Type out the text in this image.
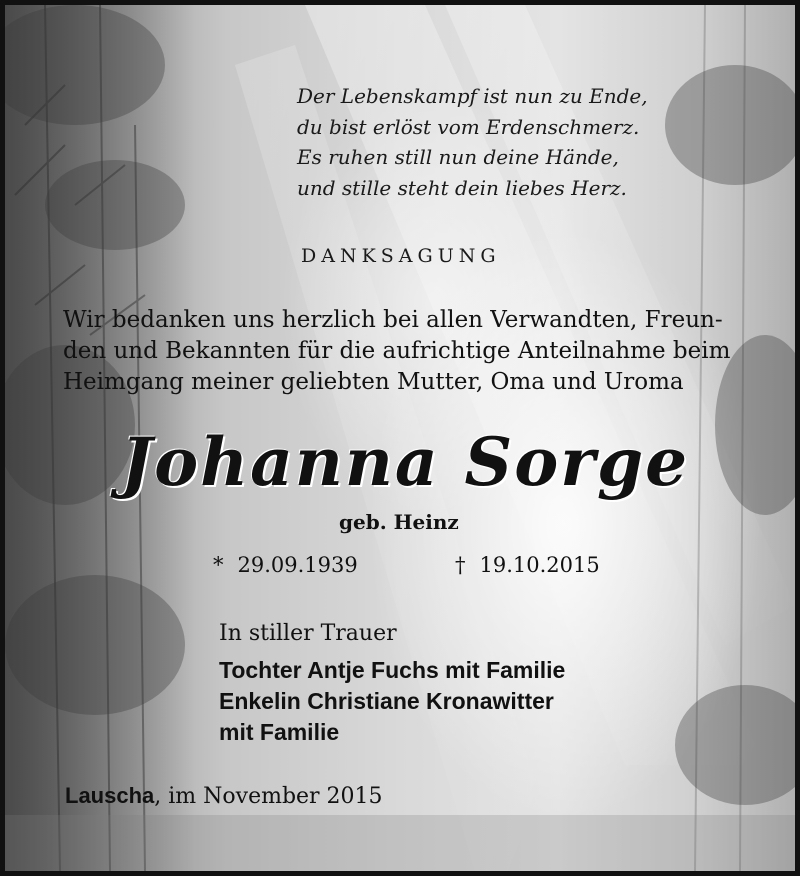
Der Lebenskampf ist nun zu Ende,
du bist erlöst vom Erdenschmerz.
Es ruhen still nun deine Hände,
und stille steht dein liebes Herz.
DANKSAGUNG
Wir bedanken uns herzlich bei allen Verwandten, Freun-
den und Bekannten für die aufrichtige Anteilnahme beim
Heimgang meiner geliebten Mutter, Oma und Uroma
Johanna Sorge
geb. Heinz
* 29.09.1939	† 19.10.2015
In stiller Trauer
Tochter Antje Fuchs mit Familie
Enkelin Christiane Kronawitter
mit Familie
Lauscha, im November 2015
